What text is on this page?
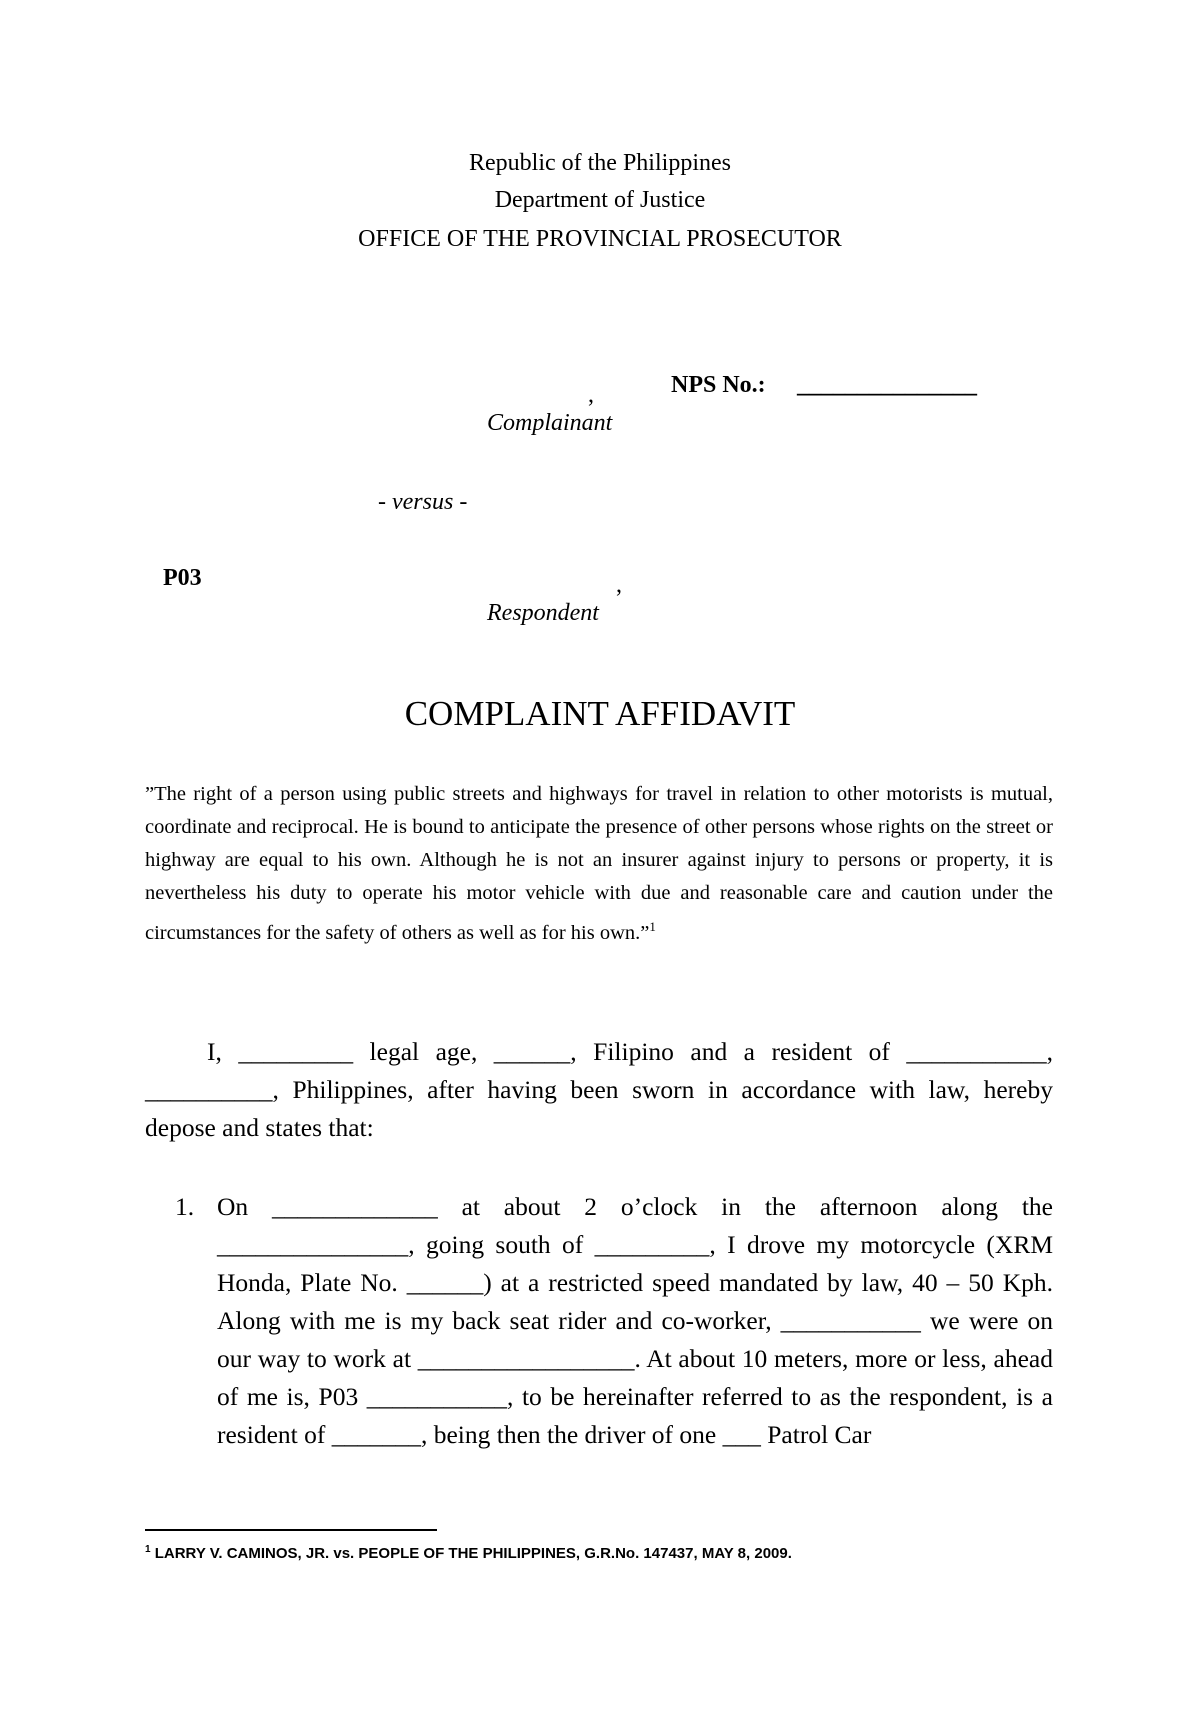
Republic of the Philippines
Department of Justice
OFFICE OF THE PROVINCIAL PROSECUTOR
,	NPS No.: _______________
Complainant
- versus -
P03	,
Respondent
COMPLAINT AFFIDAVIT
”The right of a person using public streets and highways for travel in relation to other motorists is mutual, coordinate and reciprocal. He is bound to anticipate the presence of other persons whose rights on the street or highway are equal to his own. Although he is not an insurer against injury to persons or property, it is nevertheless his duty to operate his motor vehicle with due and reasonable care and caution under the circumstances for the safety of others as well as for his own.”$^1$
I, _________ legal age, ______, Filipino and a resident of ___________, __________, Philippines, after having been sworn in accordance with law, hereby depose and states that:
1. On _____________ at about 2 o’clock in the afternoon along the _______________, going south of _________, I drove my motorcycle (XRM Honda, Plate No. ______) at a restricted speed mandated by law, 40 – 50 Kph. Along with me is my back seat rider and co-worker, ___________ we were on our way to work at _________________. At about 10 meters, more or less, ahead of me is, P03 ___________, to be hereinafter referred to as the respondent, is a resident of _______, being then the driver of one ___ Patrol Car
$^1$ LARRY V. CAMINOS, JR. vs. PEOPLE OF THE PHILIPPINES, G.R.No. 147437, MAY 8, 2009.
